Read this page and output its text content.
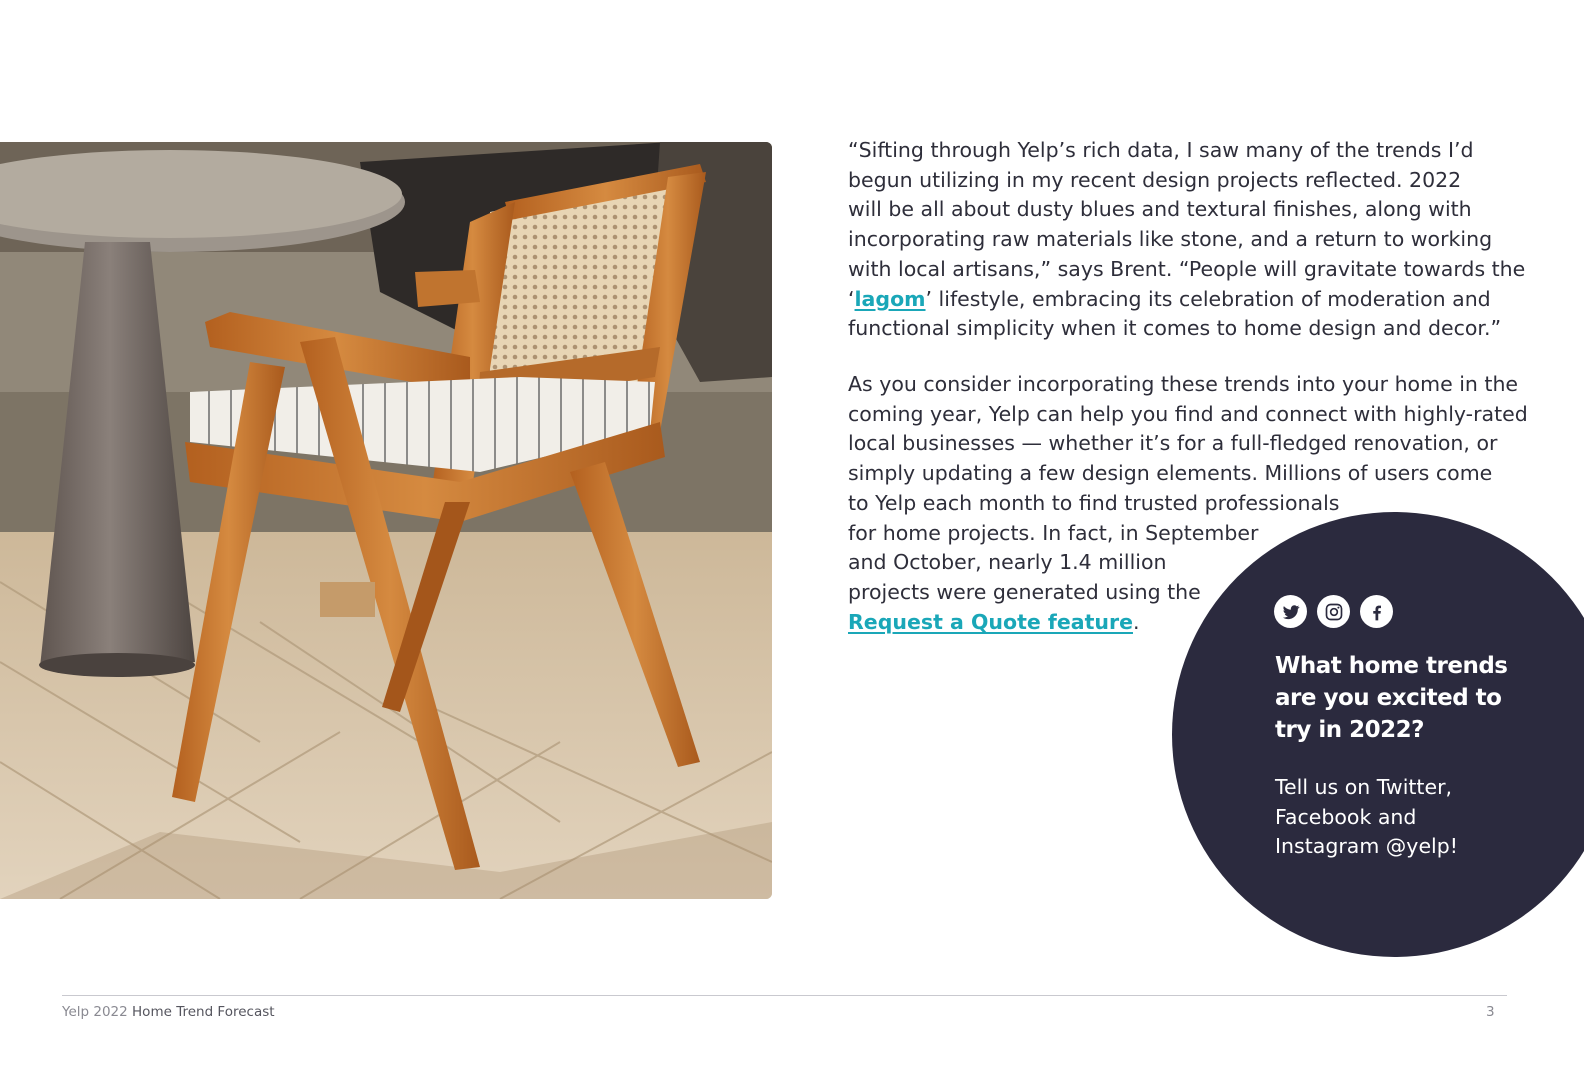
“Sifting through Yelp’s rich data, I saw many of the trends I’d
begun utilizing in my recent design projects reflected. 2022
will be all about dusty blues and textural finishes, along with
incorporating raw materials like stone, and a return to working
with local artisans,” says Brent. “People will gravitate towards the
‘lagom’ lifestyle, embracing its celebration of moderation and
functional simplicity when it comes to home design and decor.”

As you consider incorporating these trends into your home in the
coming year, Yelp can help you find and connect with highly-rated
local businesses — whether it’s for a full-fledged renovation, or
simply updating a few design elements. Millions of users come
to Yelp each month to find trusted professionals
for home projects. In fact, in September
and October, nearly 1.4 million
projects were generated using the
Request a Quote feature.

What home trends
are you excited to
try in 2022?

Tell us on Twitter,
Facebook and
Instagram @yelp!

Yelp 2022 Home Trend Forecast	3
